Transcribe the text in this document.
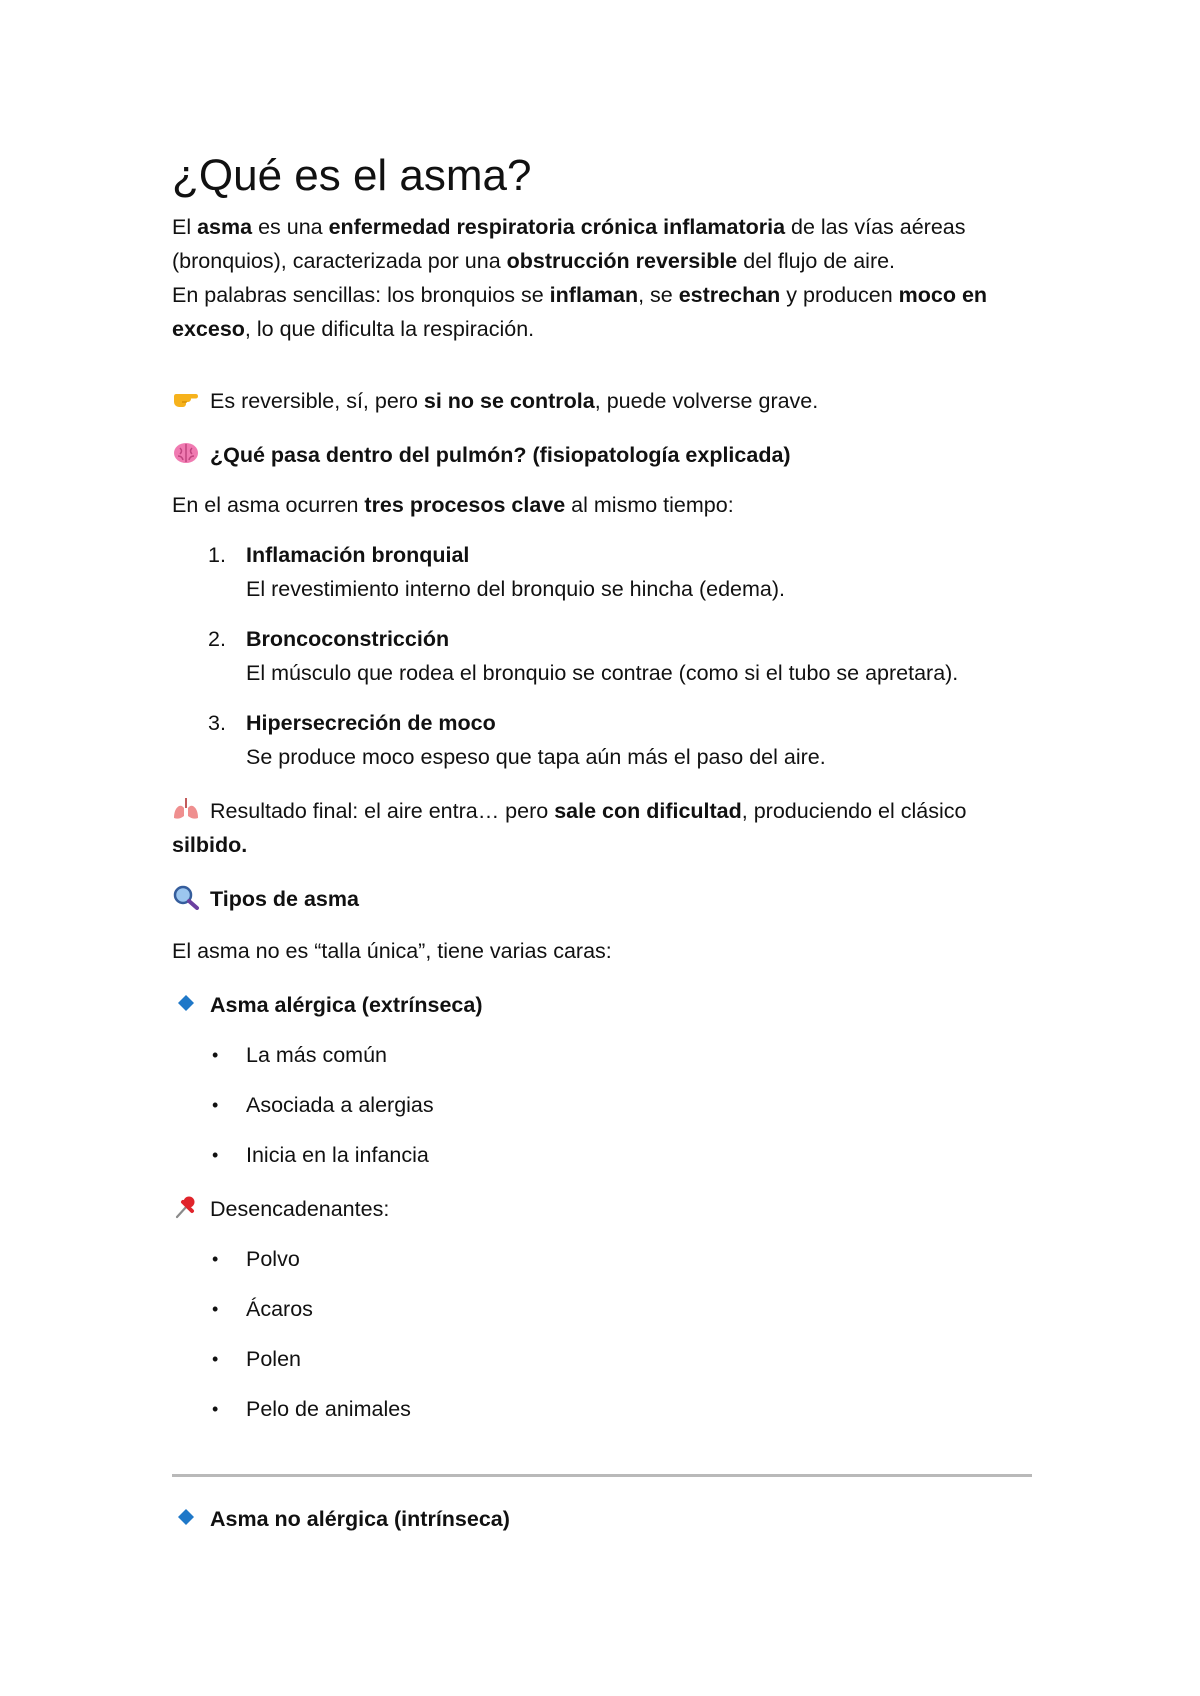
¿Qué es el asma?

El asma es una enfermedad respiratoria crónica inflamatoria de las vías aéreas

(bronquios), caracterizada por una obstrucción reversible del flujo de aire.

En palabras sencillas: los bronquios se inflaman, se estrechan y producen moco en

exceso, lo que dificulta la respiración.

Es reversible, sí, pero si no se controla, puede volverse grave.

¿Qué pasa dentro del pulmón? (fisiopatología explicada)

En el asma ocurren tres procesos clave al mismo tiempo:

1. Inflamación bronquial
El revestimiento interno del bronquio se hincha (edema).
2. Broncoconstricción
El músculo que rodea el bronquio se contrae (como si el tubo se apretara).
3. Hipersecreción de moco
Se produce moco espeso que tapa aún más el paso del aire.

Resultado final: el aire entra… pero sale con dificultad, produciendo el clásico

silbido.

Tipos de asma

El asma no es “talla única”, tiene varias caras:

Asma alérgica (extrínseca)

• La más común
• Asociada a alergias
• Inicia en la infancia

Desencadenantes:

• Polvo
• Ácaros
• Polen
• Pelo de animales

Asma no alérgica (intrínseca)
